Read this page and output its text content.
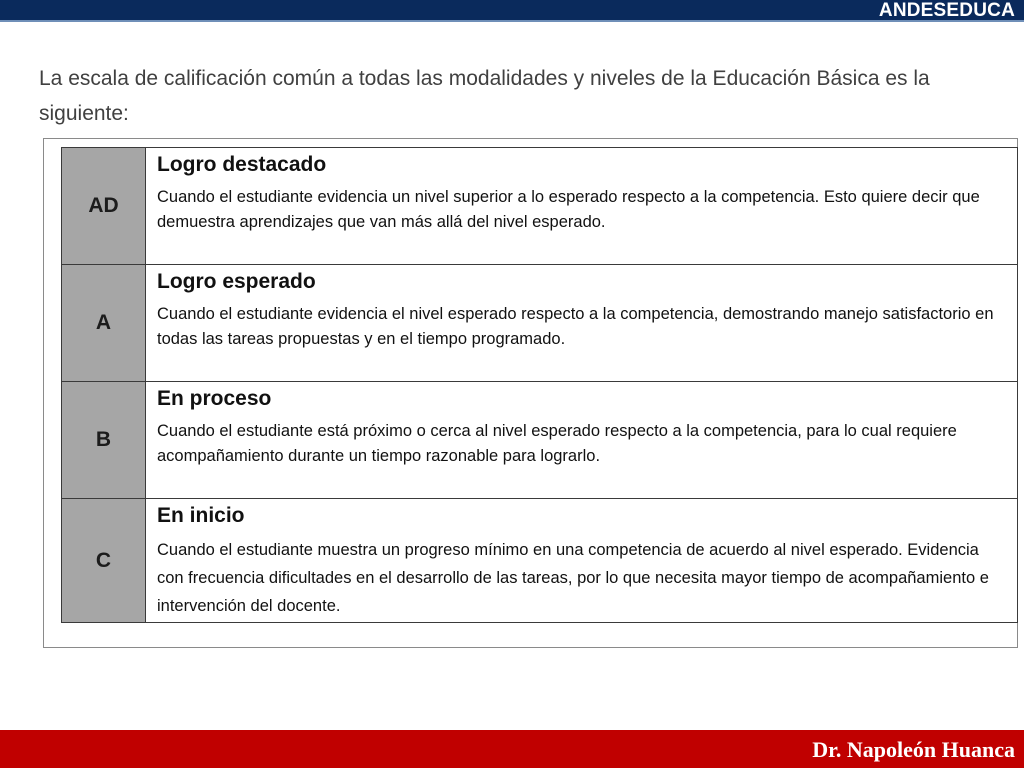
ANDESEDUCA

La escala de calificación común a todas las modalidades y niveles de la Educación Básica es la siguiente:

AD	Logro destacado
Cuando el estudiante evidencia un nivel superior a lo esperado respecto a la competencia. Esto quiere decir que demuestra aprendizajes que van más allá del nivel esperado.

A	Logro esperado
Cuando el estudiante evidencia el nivel esperado respecto a la competencia, demostrando manejo satisfactorio en todas las tareas propuestas y en el tiempo programado.

B	En proceso
Cuando el estudiante está próximo o cerca al nivel esperado respecto a la competencia, para lo cual requiere acompañamiento durante un tiempo razonable para lograrlo.

C	En inicio
Cuando el estudiante muestra un progreso mínimo en una competencia de acuerdo al nivel esperado. Evidencia con frecuencia dificultades en el desarrollo de las tareas, por lo que necesita mayor tiempo de acompañamiento e intervención del docente.
Dr. Napoleón Huanca
